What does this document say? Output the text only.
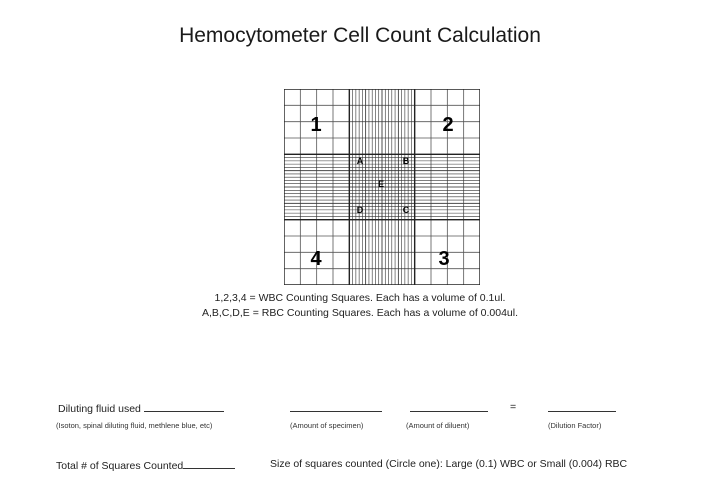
Hemocytometer Cell Count Calculation
1	2
3
4
A	B
C
D
E
1,2,3,4 = WBC Counting Squares. Each has a volume of 0.1ul.
A,B,C,D,E = RBC Counting Squares. Each has a volume of 0.004ul.
Diluting fluid used	=
(Isoton, spinal diluting fluid, methlene blue, etc)	(Amount of specimen)	(Amount of diluent)	(Dilution Factor)
Total # of Squares Counted	Size of squares counted (Circle one): Large (0.1) WBC or Small (0.004) RBC
